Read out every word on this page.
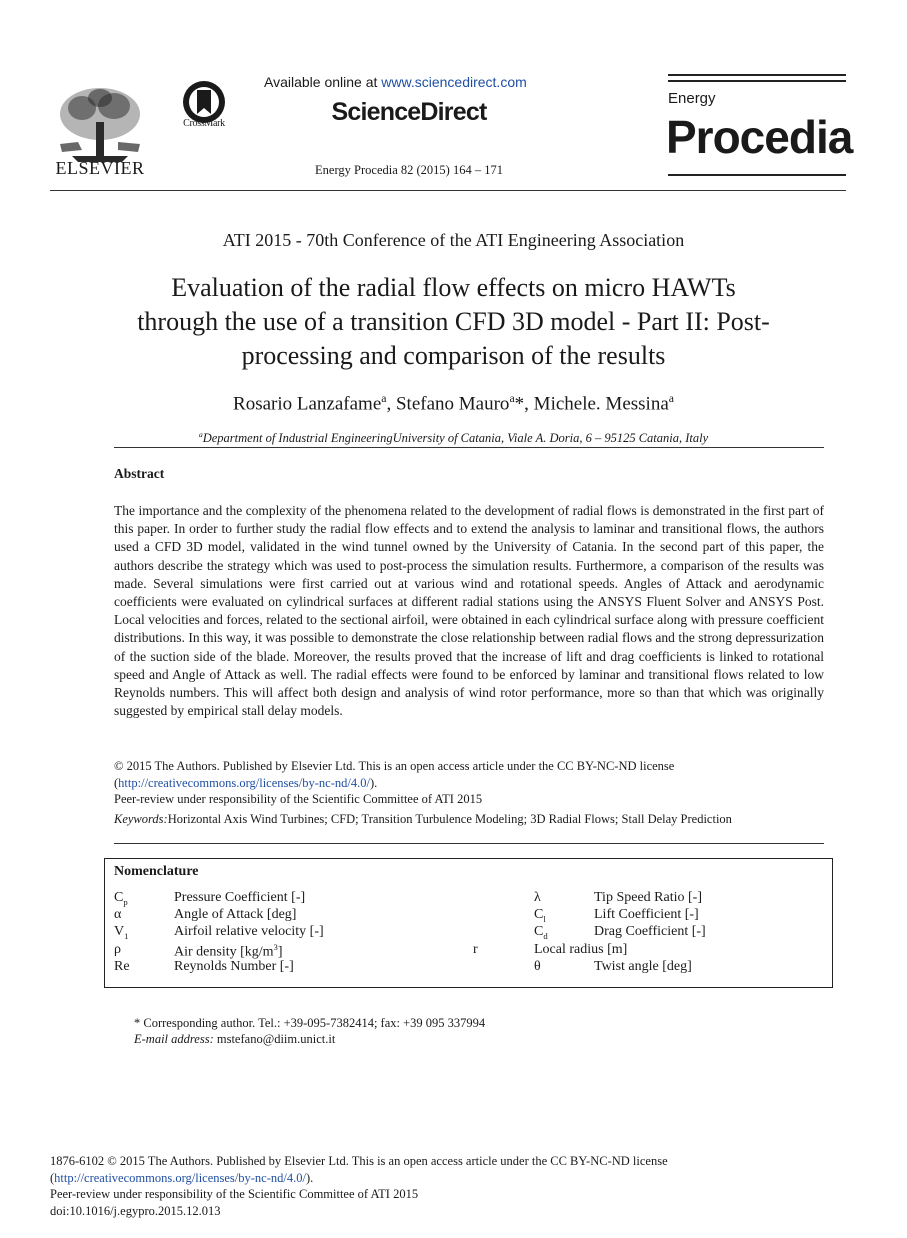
ELSEVIER
CrossMark
Available online at www.sciencedirect.com
ScienceDirect
Energy Procedia 82 (2015) 164 – 171
Energy
Procedia
ATI 2015 - 70th Conference of the ATI Engineering Association
Evaluation of the radial flow effects on micro HAWTs
through the use of a transition CFD 3D model - Part II: Post-
processing and comparison of the results
Rosario Lanzafame$^a$, Stefano Mauro$^a$*, Michele. Messina$^a$
$^a$Department of Industrial EngineeringUniversity of Catania, Viale A. Doria, 6 – 95125 Catania, Italy
Abstract
The importance and the complexity of the phenomena related to the development of radial flows is demonstrated in the first part of this paper. In order to further study the radial flow effects and to extend the analysis to laminar and transitional flows, the authors used a CFD 3D model, validated in the wind tunnel owned by the University of Catania. In the second part of this paper, the authors describe the strategy which was used to post-process the simulation results. Furthermore, a comparison of the results was made. Several simulations were first carried out at various wind and rotational speeds. Angles of Attack and aerodynamic coefficients were evaluated on cylindrical surfaces at different radial stations using the ANSYS Fluent Solver and ANSYS Post. Local velocities and forces, related to the sectional airfoil, were obtained in each cylindrical surface along with pressure coefficient distributions. In this way, it was possible to demonstrate the close relationship between radial flows and the strong depressurization of the suction side of the blade. Moreover, the results proved that the increase of lift and drag coefficients is linked to rotational speed and Angle of Attack as well. The radial effects were found to be enforced by laminar and transitional flows related to low Reynolds numbers. This will affect both design and analysis of wind rotor performance, more so than that which was originally suggested by empirical stall delay models.
© 2015 The Authors. Published by Elsevier Ltd. This is an open access article under the CC BY-NC-ND license
(http://creativecommons.org/licenses/by-nc-nd/4.0/).
Peer-review under responsibility of the Scientific Committee of ATI 2015
Keywords:Horizontal Axis Wind Turbines; CFD; Transition Turbulence Modeling; 3D Radial Flows; Stall Delay Prediction
Nomenclature
$C_p$	Pressure Coefficient [-]
α	Angle of Attack [deg]
$V_1$	Airfoil relative velocity [-]
ρ	Air density $[kg/m^3]$
Re	Reynolds Number [-]
λ	Tip Speed Ratio [-]
$C_l$	Lift Coefficient [-]
$C_d$	Drag Coefficient [-]
r	Local radius [m]
θ	Twist angle [deg]
* Corresponding author. Tel.: +39-095-7382414; fax: +39 095 337994
E-mail address: mstefano@diim.unict.it
1876-6102 © 2015 The Authors. Published by Elsevier Ltd. This is an open access article under the CC BY-NC-ND license
(http://creativecommons.org/licenses/by-nc-nd/4.0/).
Peer-review under responsibility of the Scientific Committee of ATI 2015
doi:10.1016/j.egypro.2015.12.013
